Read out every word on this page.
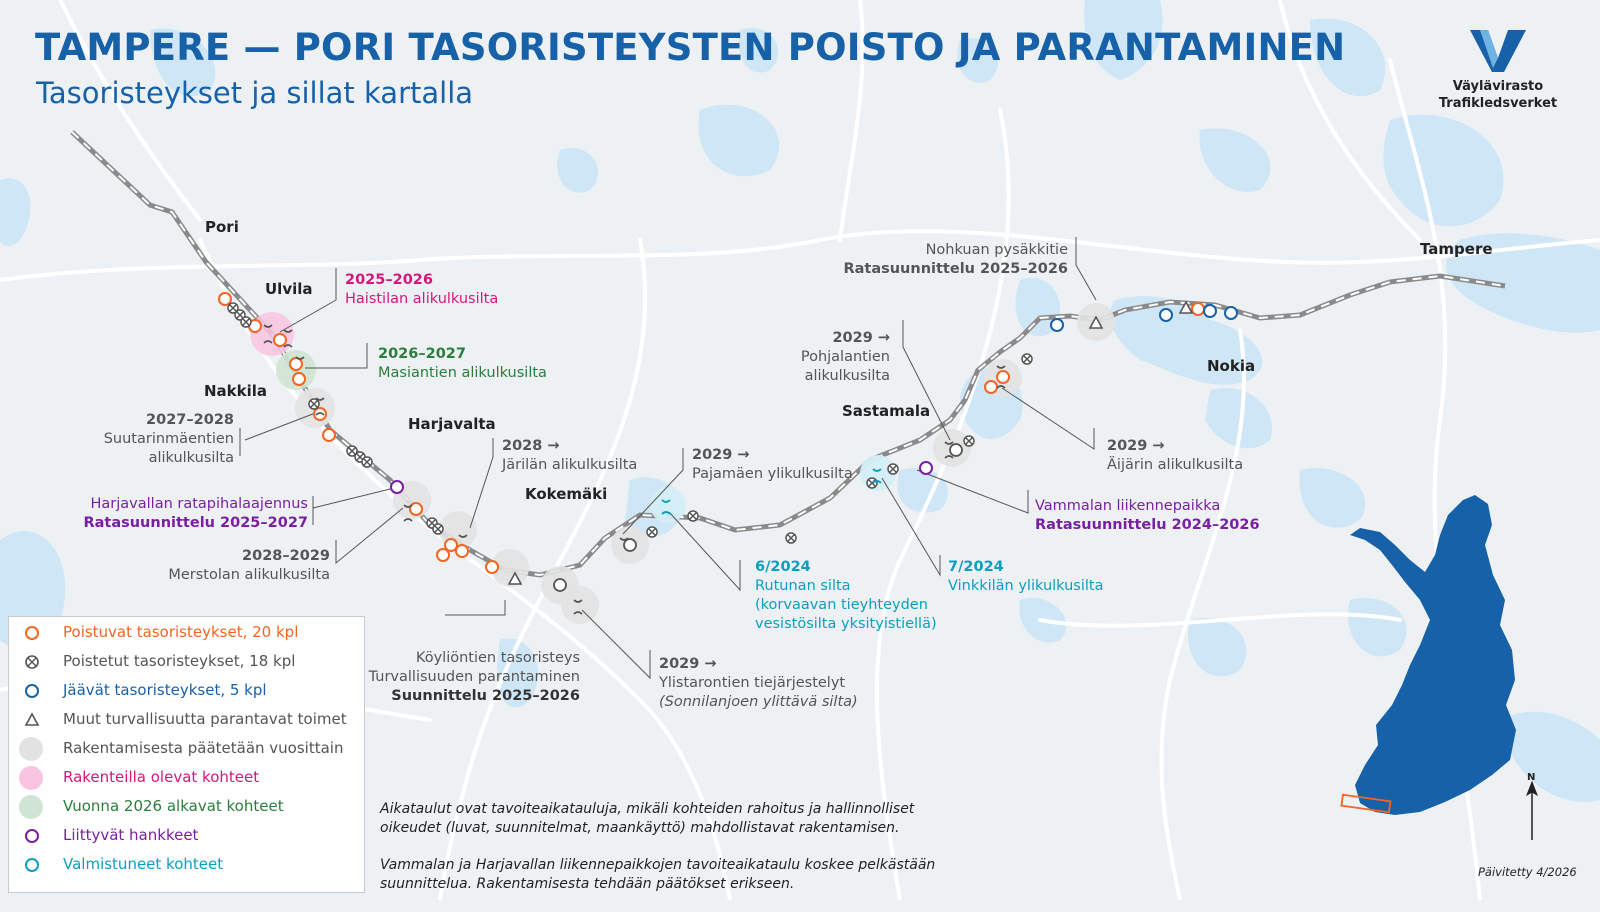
TAMPERE — PORI TASORISTEYSTEN POISTO JA PARANTAMINEN
Tasoristeykset ja sillat kartalla	Väylävirasto
Trafikledsverket
Pori
Ulvila
Nakkila
Harjavalta
Kokemäki
Sastamala
Nokia
Tampere
2025–2026
Haistilan alikulkusilta
2026–2027
Masiantien alikulkusilta
2027–2028
Suutarinmäentien
alikulkusilta
Harjavallan ratapihalaajennus
Ratasuunnittelu 2025–2027
2028–2029
Merstolan alikulkusilta
2028 →
Järilän alikulkusilta
2029 →
Pajamäen ylikulkusilta
Köyliöntien tasoristeys
Turvallisuuden parantaminen
Suunnittelu 2025–2026
2029 →
Ylistarontien tiejärjestelyt
(Sonnilanjoen ylittävä silta)
6/2024
Rutunan silta
(korvaavan tieyhteyden
vesistösilta yksityistiellä)
7/2024
Vinkkilän ylikulkusilta
Vammalan liikennepaikka
Ratasuunnittelu 2024–2026
2029 →
Pohjalantien
alikulkusilta
Nohkuan pysäkkitie
Ratasuunnittelu 2025–2026
2029 →
Äijärin alikulkusilta
Poistuvat tasoristeykset, 20 kpl
Poistetut tasoristeykset, 18 kpl
Jäävät tasoristeykset, 5 kpl
Muut turvallisuutta parantavat toimet
Rakentamisesta päätetään vuosittain
Rakenteilla olevat kohteet
Vuonna 2026 alkavat kohteet
Liittyvät hankkeet
Valmistuneet kohteet

Aikataulut ovat tavoiteaikatauluja, mikäli kohteiden rahoitus ja hallinnolliset oikeudet (luvat, suunnitelmat, maankäyttö) mahdollistavat rakentamisen.

Vammalan ja Harjavallan liikennepaikkojen tavoiteaikataulu koskee pelkästään suunnittelua. Rakentamisesta tehdään päätökset erikseen.

N
Päivitetty 4/2026
